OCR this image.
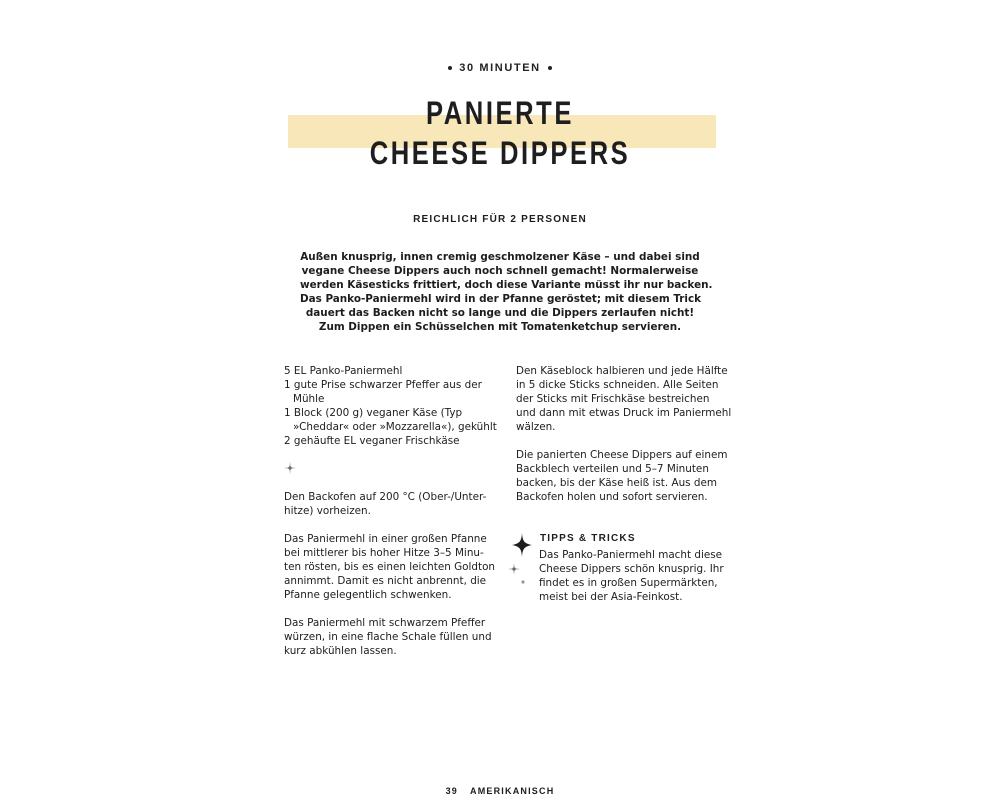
30 MINUTEN
PANIERTE
CHEESE DIPPERS
REICHLICH FÜR 2 PERSONEN
Außen knusprig, innen cremig geschmolzener Käse – und dabei sind
vegane Cheese Dippers auch noch schnell gemacht! Normalerweise
werden Käsesticks frittiert, doch diese Variante müsst ihr nur backen.
Das Panko-Paniermehl wird in der Pfanne geröstet; mit diesem Trick
dauert das Backen nicht so lange und die Dippers zerlaufen nicht!
Zum Dippen ein Schüsselchen mit Tomatenketchup servieren.
5 EL Panko-Paniermehl
1 gute Prise schwarzer Pfeffer aus der
Mühle
1 Block (200 g) veganer Käse (Typ
»Cheddar« oder »Mozzarella«), gekühlt
2 gehäufte EL veganer Frischkäse
Den Backofen auf 200 °C (Ober-/Unter-
hitze) vorheizen.
Das Paniermehl in einer großen Pfanne
bei mittlerer bis hoher Hitze 3–5 Minu-
ten rösten, bis es einen leichten Goldton
annimmt. Damit es nicht anbrennt, die
Pfanne gelegentlich schwenken.
Das Paniermehl mit schwarzem Pfeffer
würzen, in eine flache Schale füllen und
kurz abkühlen lassen.
Den Käseblock halbieren und jede Hälfte
in 5 dicke Sticks schneiden. Alle Seiten
der Sticks mit Frischkäse bestreichen
und dann mit etwas Druck im Paniermehl
wälzen.
Die panierten Cheese Dippers auf einem
Backblech verteilen und 5–7 Minuten
backen, bis der Käse heiß ist. Aus dem
Backofen holen und sofort servieren.
TIPPS & TRICKS
Das Panko-Paniermehl macht diese
Cheese Dippers schön knusprig. Ihr
findet es in großen Supermärkten,
meist bei der Asia-Feinkost.
39 AMERIKANISCH
